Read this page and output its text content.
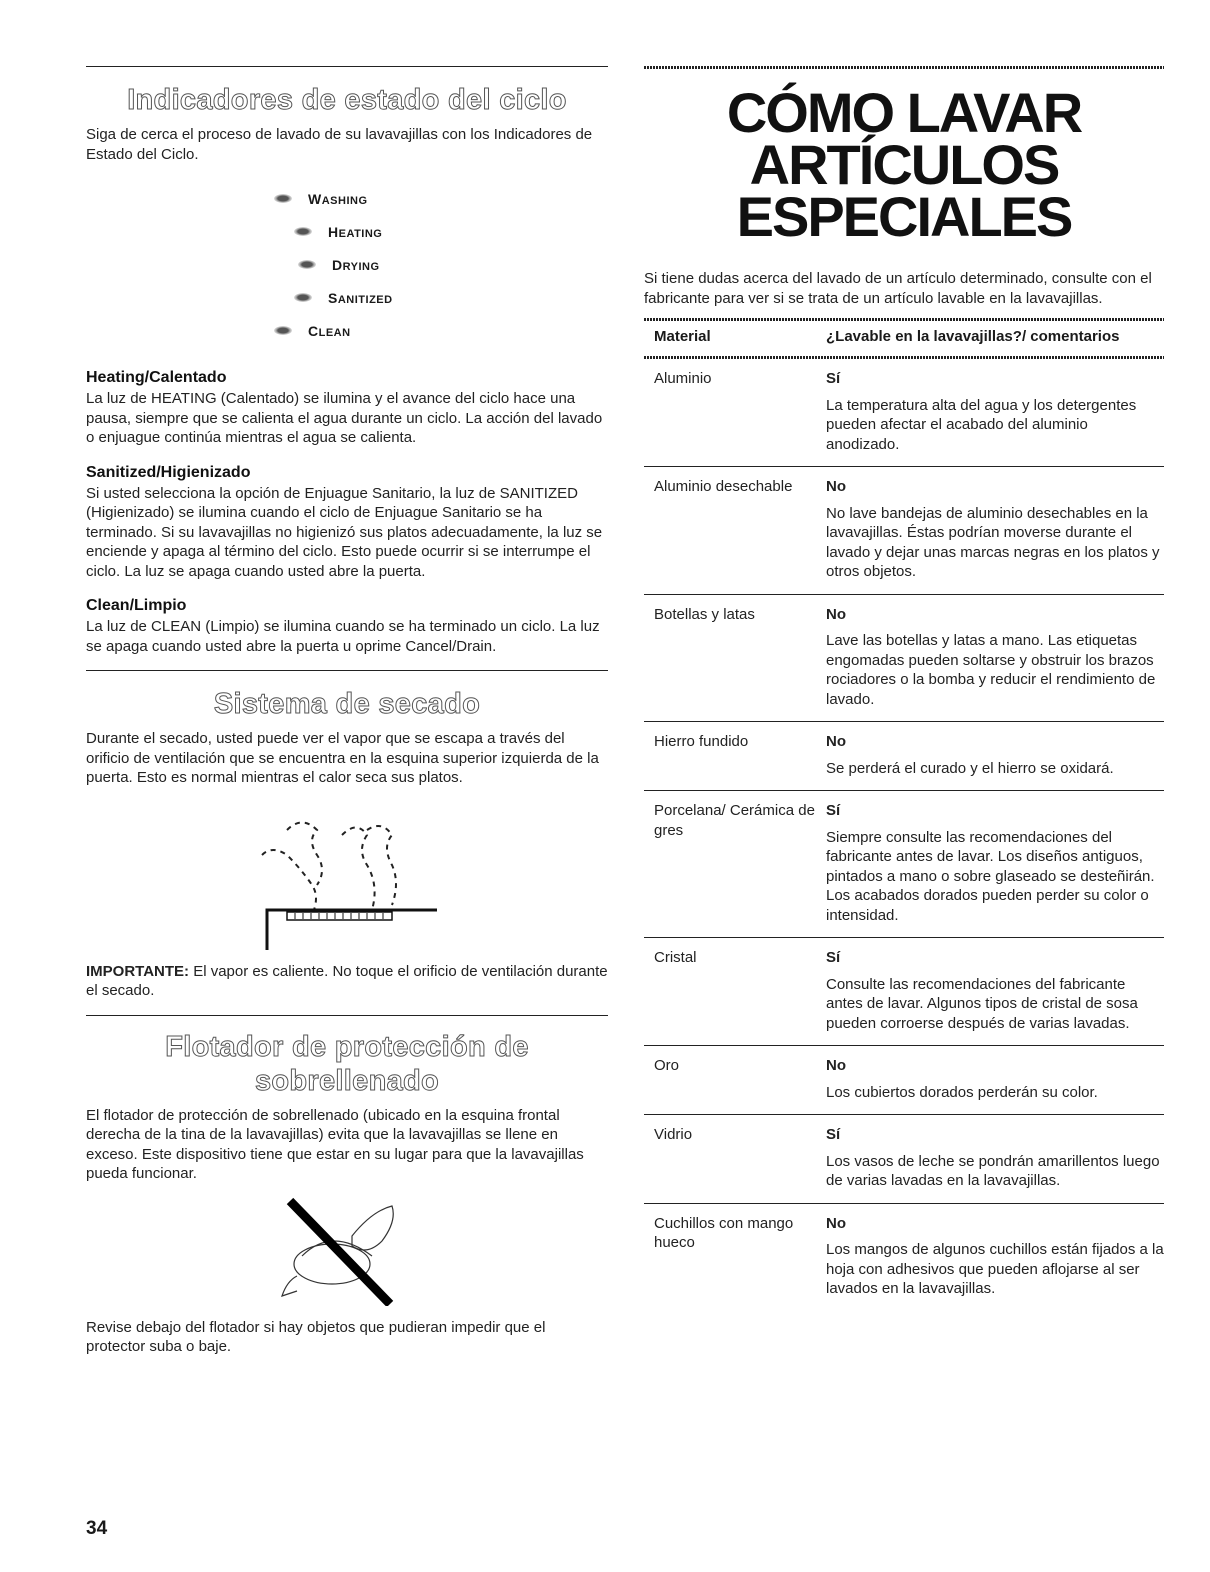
Indicadores de estado del ciclo

Siga de cerca el proceso de lavado de su lavavajillas con los Indicadores de Estado del Ciclo.

WASHING
HEATING
DRYING
SANITIZED
CLEAN
Heating/Calentado

La luz de HEATING (Calentado) se ilumina y el avance del ciclo hace una pausa, siempre que se calienta el agua durante un ciclo. La acción del lavado o enjuague continúa mientras el agua se calienta.

Sanitized/Higienizado

Si usted selecciona la opción de Enjuague Sanitario, la luz de SANITIZED (Higienizado) se ilumina cuando el ciclo de Enjuague Sanitario se ha terminado. Si su lavavajillas no higienizó sus platos adecuadamente, la luz se enciende y apaga al término del ciclo. Esto puede ocurrir si se interrumpe el ciclo. La luz se apaga cuando usted abre la puerta.

Clean/Limpio

La luz de CLEAN (Limpio) se ilumina cuando se ha terminado un ciclo. La luz se apaga cuando usted abre la puerta u oprime Cancel/Drain.

Sistema de secado

Durante el secado, usted puede ver el vapor que se escapa a través del orificio de ventilación que se encuentra en la esquina superior izquierda de la puerta. Esto es normal mientras el calor seca sus platos.

IMPORTANTE: El vapor es caliente. No toque el orificio de ventilación durante el secado.

Flotador de protección de
sobrellenado

El flotador de protección de sobrellenado (ubicado en la esquina frontal derecha de la tina de la lavavajillas) evita que la lavavajillas se llene en exceso. Este dispositivo tiene que estar en su lugar para que la lavavajillas pueda funcionar.

Revise debajo del flotador si hay objetos que pudieran impedir que el protector suba o baje.

CÓMO LAVAR
ARTÍCULOS
ESPECIALES

Si tiene dudas acerca del lavado de un artículo determinado, consulte con el fabricante para ver si se trata de un artículo lavable en la lavavajillas.

Material	¿Lavable en la lavavajillas?/ comentarios

Aluminio	Sí
La temperatura alta del agua y los detergentes pueden afectar el acabado del aluminio anodizado.
Aluminio desechable	No
No lave bandejas de aluminio desechables en la lavavajillas. Éstas podrían moverse durante el lavado y dejar unas marcas negras en los platos y otros objetos.
Botellas y latas	No
Lave las botellas y latas a mano. Las etiquetas engomadas pueden soltarse y obstruir los brazos rociadores o la bomba y reducir el rendimiento de lavado.
Hierro fundido	No
Se perderá el curado y el hierro se oxidará.
Porcelana/ Cerámica de gres	Sí
Siempre consulte las recomendaciones del fabricante antes de lavar. Los diseños antiguos, pintados a mano o sobre glaseado se desteñirán. Los acabados dorados pueden perder su color o intensidad.
Cristal	Sí
Consulte las recomendaciones del fabricante antes de lavar. Algunos tipos de cristal de sosa pueden corroerse después de varias lavadas.
Oro	No
Los cubiertos dorados perderán su color.
Vidrio	Sí
Los vasos de leche se pondrán amarillentos luego de varias lavadas en la lavavajillas.
Cuchillos con mango hueco	No
Los mangos de algunos cuchillos están fijados a la hoja con adhesivos que pueden aflojarse al ser lavados en la lavavajillas.
34
